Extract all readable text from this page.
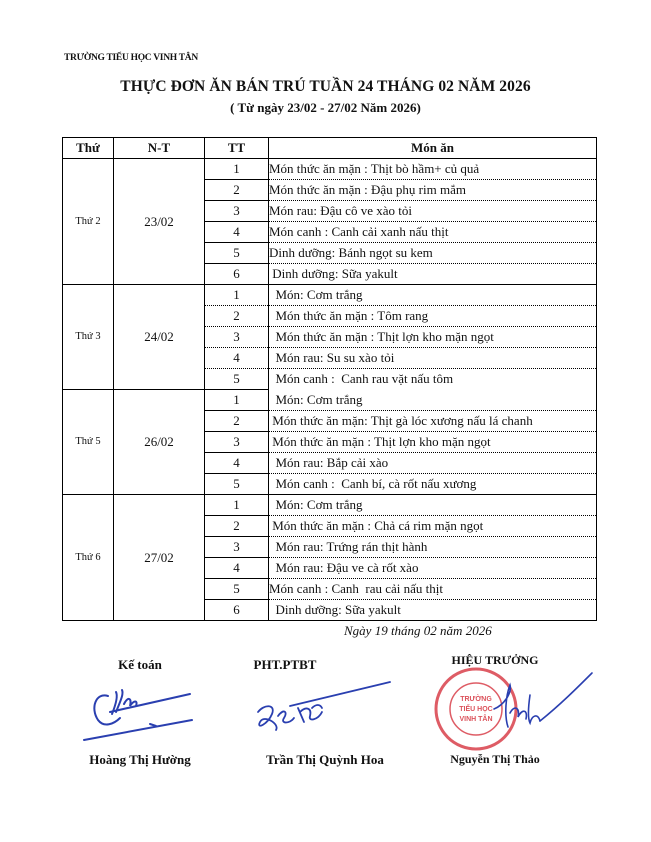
TRƯỜNG TIỂU HỌC VINH TÂN
THỰC ĐƠN ĂN BÁN TRÚ TUẦN 24 THÁNG 02 NĂM 2026
( Từ ngày 23/02 - 27/02 Năm 2026)
Thứ	N-T	TT	Món ăn
Thứ 2	23/02	1	Món thức ăn mặn : Thịt bò hầm+ củ quả
		2	Món thức ăn mặn : Đậu phụ rim mắm
		3	Món rau: Đậu cô ve xào tỏi
		4	Món canh : Canh cải xanh nấu thịt
		5	Dinh dưỡng: Bánh ngọt su kem
		6	Dinh dưỡng: Sữa yakult
Thứ 3	24/02	1	Món: Cơm trắng
		2	Món thức ăn mặn : Tôm rang
		3	Món thức ăn mặn : Thịt lợn kho mặn ngọt
		4	Món rau: Su su xào tỏi
		5	Món canh :  Canh rau vặt nấu tôm
Thứ 5	26/02	1	Món: Cơm trắng
		2	Món thức ăn mặn: Thịt gà lóc xương nấu lá chanh
		3	Món thức ăn mặn : Thịt lợn kho mặn ngọt
		4	Món rau: Bắp cải xào
		5	Món canh :  Canh bí, cà rốt nấu xương
Thứ 6	27/02	1	Món: Cơm trắng
		2	Món thức ăn mặn : Chả cá rim mặn ngọt
		3	Món rau: Trứng rán thịt hành
		4	Món rau: Đậu ve cà rốt xào
		5	Món canh : Canh  rau cải nấu thịt
		6	Dinh dưỡng: Sữa yakult
Ngày 19 tháng 02 năm 2026
Kế toán
Hoàng Thị Hường
PHT.PTBT
Trần Thị Quỳnh Hoa
HIỆU TRƯỞNG
TRƯỜNG
TIỂU HỌC
VINH TÂN
Nguyễn Thị Thảo
